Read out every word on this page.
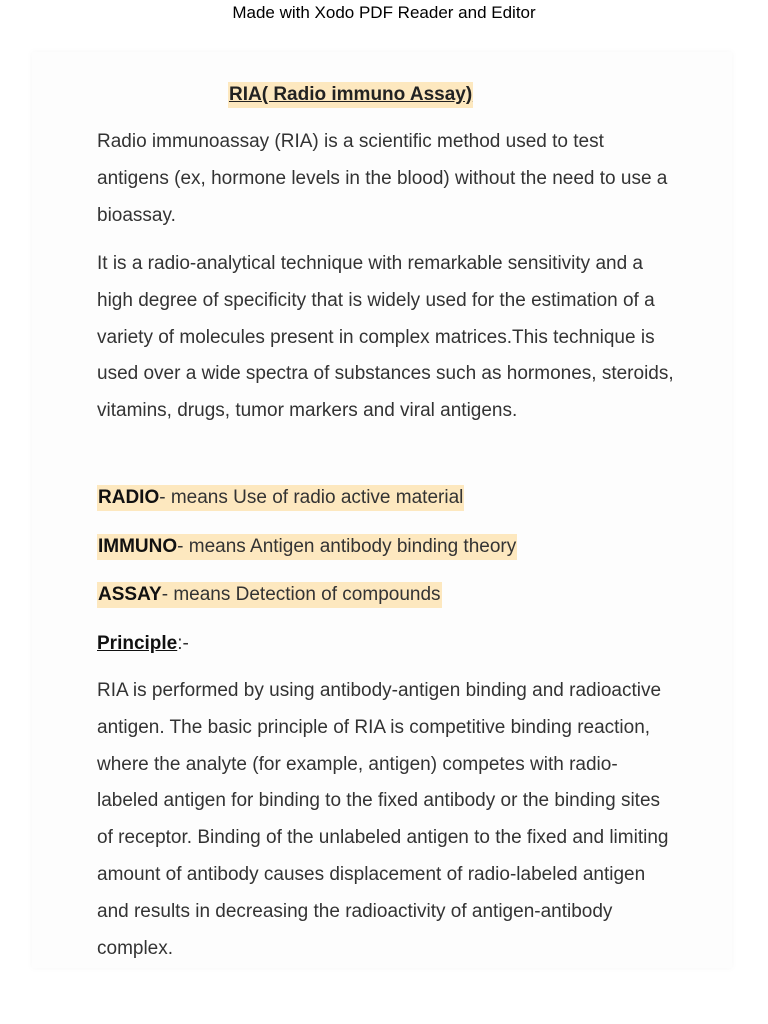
Made with Xodo PDF Reader and Editor
RIA( Radio immuno Assay)

Radio immunoassay (RIA) is a scientific method used to test antigens (ex, hormone levels in the blood) without the need to use a bioassay.

It is a radio-analytical technique with remarkable sensitivity and a high degree of specificity that is widely used for the estimation of a variety of molecules present in complex matrices.This technique is used over a wide spectra of substances such as hormones, steroids, vitamins, drugs, tumor markers and viral antigens.

RADIO- means Use of radio active material
IMMUNO- means Antigen antibody binding theory
ASSAY- means Detection of compounds
Principle:-

RIA is performed by using antibody-antigen binding and radioactive antigen. The basic principle of RIA is competitive binding reaction, where the analyte (for example, antigen) competes with radio-labeled antigen for binding to the fixed antibody or the binding sites of receptor. Binding of the unlabeled antigen to the fixed and limiting amount of antibody causes displacement of radio-labeled antigen and results in decreasing the radioactivity of antigen-antibody complex.
